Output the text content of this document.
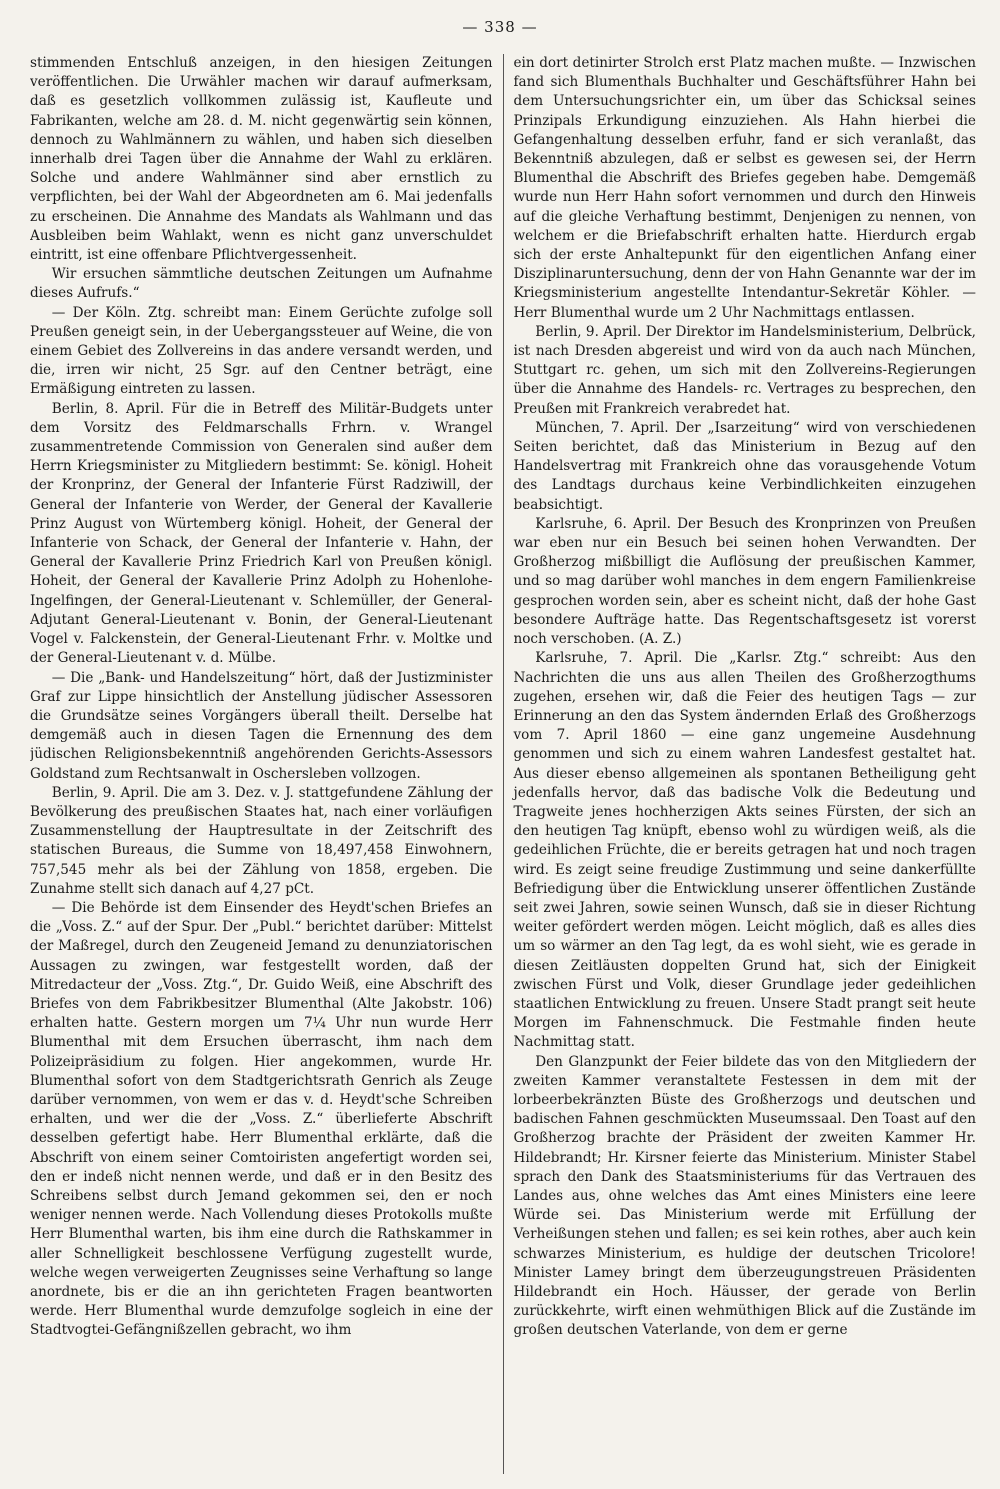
— 338 —

stimmenden Entschluß anzeigen, in den hiesigen Zeitungen veröffentlichen. Die Urwähler machen wir darauf aufmerksam, daß es gesetzlich vollkommen zulässig ist, Kaufleute und Fabrikanten, welche am 28. d. M. nicht gegenwärtig sein können, dennoch zu Wahlmännern zu wählen, und haben sich dieselben innerhalb drei Tagen über die Annahme der Wahl zu erklären. Solche und andere Wahlmänner sind aber ernstlich zu verpflichten, bei der Wahl der Abgeordneten am 6. Mai jedenfalls zu erscheinen. Die Annahme des Mandats als Wahlmann und das Ausbleiben beim Wahlakt, wenn es nicht ganz unverschuldet eintritt, ist eine offenbare Pflichtvergessenheit.

Wir ersuchen sämmtliche deutschen Zeitungen um Aufnahme dieses Aufrufs.“

— Der Köln. Ztg. schreibt man: Einem Gerüchte zufolge soll Preußen geneigt sein, in der Uebergangssteuer auf Weine, die von einem Gebiet des Zollvereins in das andere versandt werden, und die, irren wir nicht, 25 Sgr. auf den Centner beträgt, eine Ermäßigung eintreten zu lassen.

Berlin, 8. April. Für die in Betreff des Militär-Budgets unter dem Vorsitz des Feldmarschalls Frhrn. v. Wrangel zusammentretende Commission von Generalen sind außer dem Herrn Kriegsminister zu Mitgliedern bestimmt: Se. königl. Hoheit der Kronprinz, der General der Infanterie Fürst Radziwill, der General der Infanterie von Werder, der General der Kavallerie Prinz August von Würtemberg königl. Hoheit, der General der Infanterie von Schack, der General der Infanterie v. Hahn, der General der Kavallerie Prinz Friedrich Karl von Preußen königl. Hoheit, der General der Kavallerie Prinz Adolph zu Hohenlohe-Ingelfingen, der General-Lieutenant v. Schlemüller, der General-Adjutant General-Lieutenant v. Bonin, der General-Lieutenant Vogel v. Falckenstein, der General-Lieutenant Frhr. v. Moltke und der General-Lieutenant v. d. Mülbe.

— Die „Bank- und Handelszeitung“ hört, daß der Justizminister Graf zur Lippe hinsichtlich der Anstellung jüdischer Assessoren die Grundsätze seines Vorgängers überall theilt. Derselbe hat demgemäß auch in diesen Tagen die Ernennung des dem jüdischen Religionsbekenntniß angehörenden Gerichts-Assessors Goldstand zum Rechtsanwalt in Oschersleben vollzogen.

Berlin, 9. April. Die am 3. Dez. v. J. stattgefundene Zählung der Bevölkerung des preußischen Staates hat, nach einer vorläufigen Zusammenstellung der Hauptresultate in der Zeitschrift des statischen Bureaus, die Summe von 18,497,458 Einwohnern, 757,545 mehr als bei der Zählung von 1858, ergeben. Die Zunahme stellt sich danach auf 4,27 pCt.

— Die Behörde ist dem Einsender des Heydt'schen Briefes an die „Voss. Z.“ auf der Spur. Der „Publ.“ berichtet darüber: Mittelst der Maßregel, durch den Zeugeneid Jemand zu denunziatorischen Aussagen zu zwingen, war festgestellt worden, daß der Mitredacteur der „Voss. Ztg.“, Dr. Guido Weiß, eine Abschrift des Briefes von dem Fabrikbesitzer Blumenthal (Alte Jakobstr. 106) erhalten hatte. Gestern morgen um 7¼ Uhr nun wurde Herr Blumenthal mit dem Ersuchen überrascht, ihm nach dem Polizeipräsidium zu folgen. Hier angekommen, wurde Hr. Blumenthal sofort von dem Stadtgerichtsrath Genrich als Zeuge darüber vernommen, von wem er das v. d. Heydt'sche Schreiben erhalten, und wer die der „Voss. Z.“ überlieferte Abschrift desselben gefertigt habe. Herr Blumenthal erklärte, daß die Abschrift von einem seiner Comtoiristen angefertigt worden sei, den er indeß nicht nennen werde, und daß er in den Besitz des Schreibens selbst durch Jemand gekommen sei, den er noch weniger nennen werde. Nach Vollendung dieses Protokolls mußte Herr Blumenthal warten, bis ihm eine durch die Rathskammer in aller Schnelligkeit beschlossene Verfügung zugestellt wurde, welche wegen verweigerten Zeugnisses seine Verhaftung so lange anordnete, bis er die an ihn gerichteten Fragen beantworten werde. Herr Blumenthal wurde demzufolge sogleich in eine der Stadtvogtei-Gefängnißzellen gebracht, wo ihm

ein dort detinirter Strolch erst Platz machen mußte. — Inzwischen fand sich Blumenthals Buchhalter und Geschäftsführer Hahn bei dem Untersuchungsrichter ein, um über das Schicksal seines Prinzipals Erkundigung einzuziehen. Als Hahn hierbei die Gefangenhaltung desselben erfuhr, fand er sich veranlaßt, das Bekenntniß abzulegen, daß er selbst es gewesen sei, der Herrn Blumenthal die Abschrift des Briefes gegeben habe. Demgemäß wurde nun Herr Hahn sofort vernommen und durch den Hinweis auf die gleiche Verhaftung bestimmt, Denjenigen zu nennen, von welchem er die Briefabschrift erhalten hatte. Hierdurch ergab sich der erste Anhaltepunkt für den eigentlichen Anfang einer Disziplinaruntersuchung, denn der von Hahn Genannte war der im Kriegsministerium angestellte Intendantur-Sekretär Köhler. — Herr Blumenthal wurde um 2 Uhr Nachmittags entlassen.

Berlin, 9. April. Der Direktor im Handelsministerium, Delbrück, ist nach Dresden abgereist und wird von da auch nach München, Stuttgart rc. gehen, um sich mit den Zollvereins-Regierungen über die Annahme des Handels- rc. Vertrages zu besprechen, den Preußen mit Frankreich verabredet hat.

München, 7. April. Der „Isarzeitung“ wird von verschiedenen Seiten berichtet, daß das Ministerium in Bezug auf den Handelsvertrag mit Frankreich ohne das vorausgehende Votum des Landtags durchaus keine Verbindlichkeiten einzugehen beabsichtigt.

Karlsruhe, 6. April. Der Besuch des Kronprinzen von Preußen war eben nur ein Besuch bei seinen hohen Verwandten. Der Großherzog mißbilligt die Auflösung der preußischen Kammer, und so mag darüber wohl manches in dem engern Familienkreise gesprochen worden sein, aber es scheint nicht, daß der hohe Gast besondere Aufträge hatte. Das Regentschaftsgesetz ist vorerst noch verschoben. (A. Z.)

Karlsruhe, 7. April. Die „Karlsr. Ztg.“ schreibt: Aus den Nachrichten die uns aus allen Theilen des Großherzogthums zugehen, ersehen wir, daß die Feier des heutigen Tags — zur Erinnerung an den das System ändernden Erlaß des Großherzogs vom 7. April 1860 — eine ganz ungemeine Ausdehnung genommen und sich zu einem wahren Landesfest gestaltet hat. Aus dieser ebenso allgemeinen als spontanen Betheiligung geht jedenfalls hervor, daß das badische Volk die Bedeutung und Tragweite jenes hochherzigen Akts seines Fürsten, der sich an den heutigen Tag knüpft, ebenso wohl zu würdigen weiß, als die gedeihlichen Früchte, die er bereits getragen hat und noch tragen wird. Es zeigt seine freudige Zustimmung und seine dankerfüllte Befriedigung über die Entwicklung unserer öffentlichen Zustände seit zwei Jahren, sowie seinen Wunsch, daß sie in dieser Richtung weiter gefördert werden mögen. Leicht möglich, daß es alles dies um so wärmer an den Tag legt, da es wohl sieht, wie es gerade in diesen Zeitläusten doppelten Grund hat, sich der Einigkeit zwischen Fürst und Volk, dieser Grundlage jeder gedeihlichen staatlichen Entwicklung zu freuen. Unsere Stadt prangt seit heute Morgen im Fahnenschmuck. Die Festmahle finden heute Nachmittag statt.

Den Glanzpunkt der Feier bildete das von den Mitgliedern der zweiten Kammer veranstaltete Festessen in dem mit der lorbeerbekränzten Büste des Großherzogs und deutschen und badischen Fahnen geschmückten Museumssaal. Den Toast auf den Großherzog brachte der Präsident der zweiten Kammer Hr. Hildebrandt; Hr. Kirsner feierte das Ministerium. Minister Stabel sprach den Dank des Staatsministeriums für das Vertrauen des Landes aus, ohne welches das Amt eines Ministers eine leere Würde sei. Das Ministerium werde mit Erfüllung der Verheißungen stehen und fallen; es sei kein rothes, aber auch kein schwarzes Ministerium, es huldige der deutschen Tricolore! Minister Lamey bringt dem überzeugungstreuen Präsidenten Hildebrandt ein Hoch. Häusser, der gerade von Berlin zurückkehrte, wirft einen wehmüthigen Blick auf die Zustände im großen deutschen Vaterlande, von dem er gerne
